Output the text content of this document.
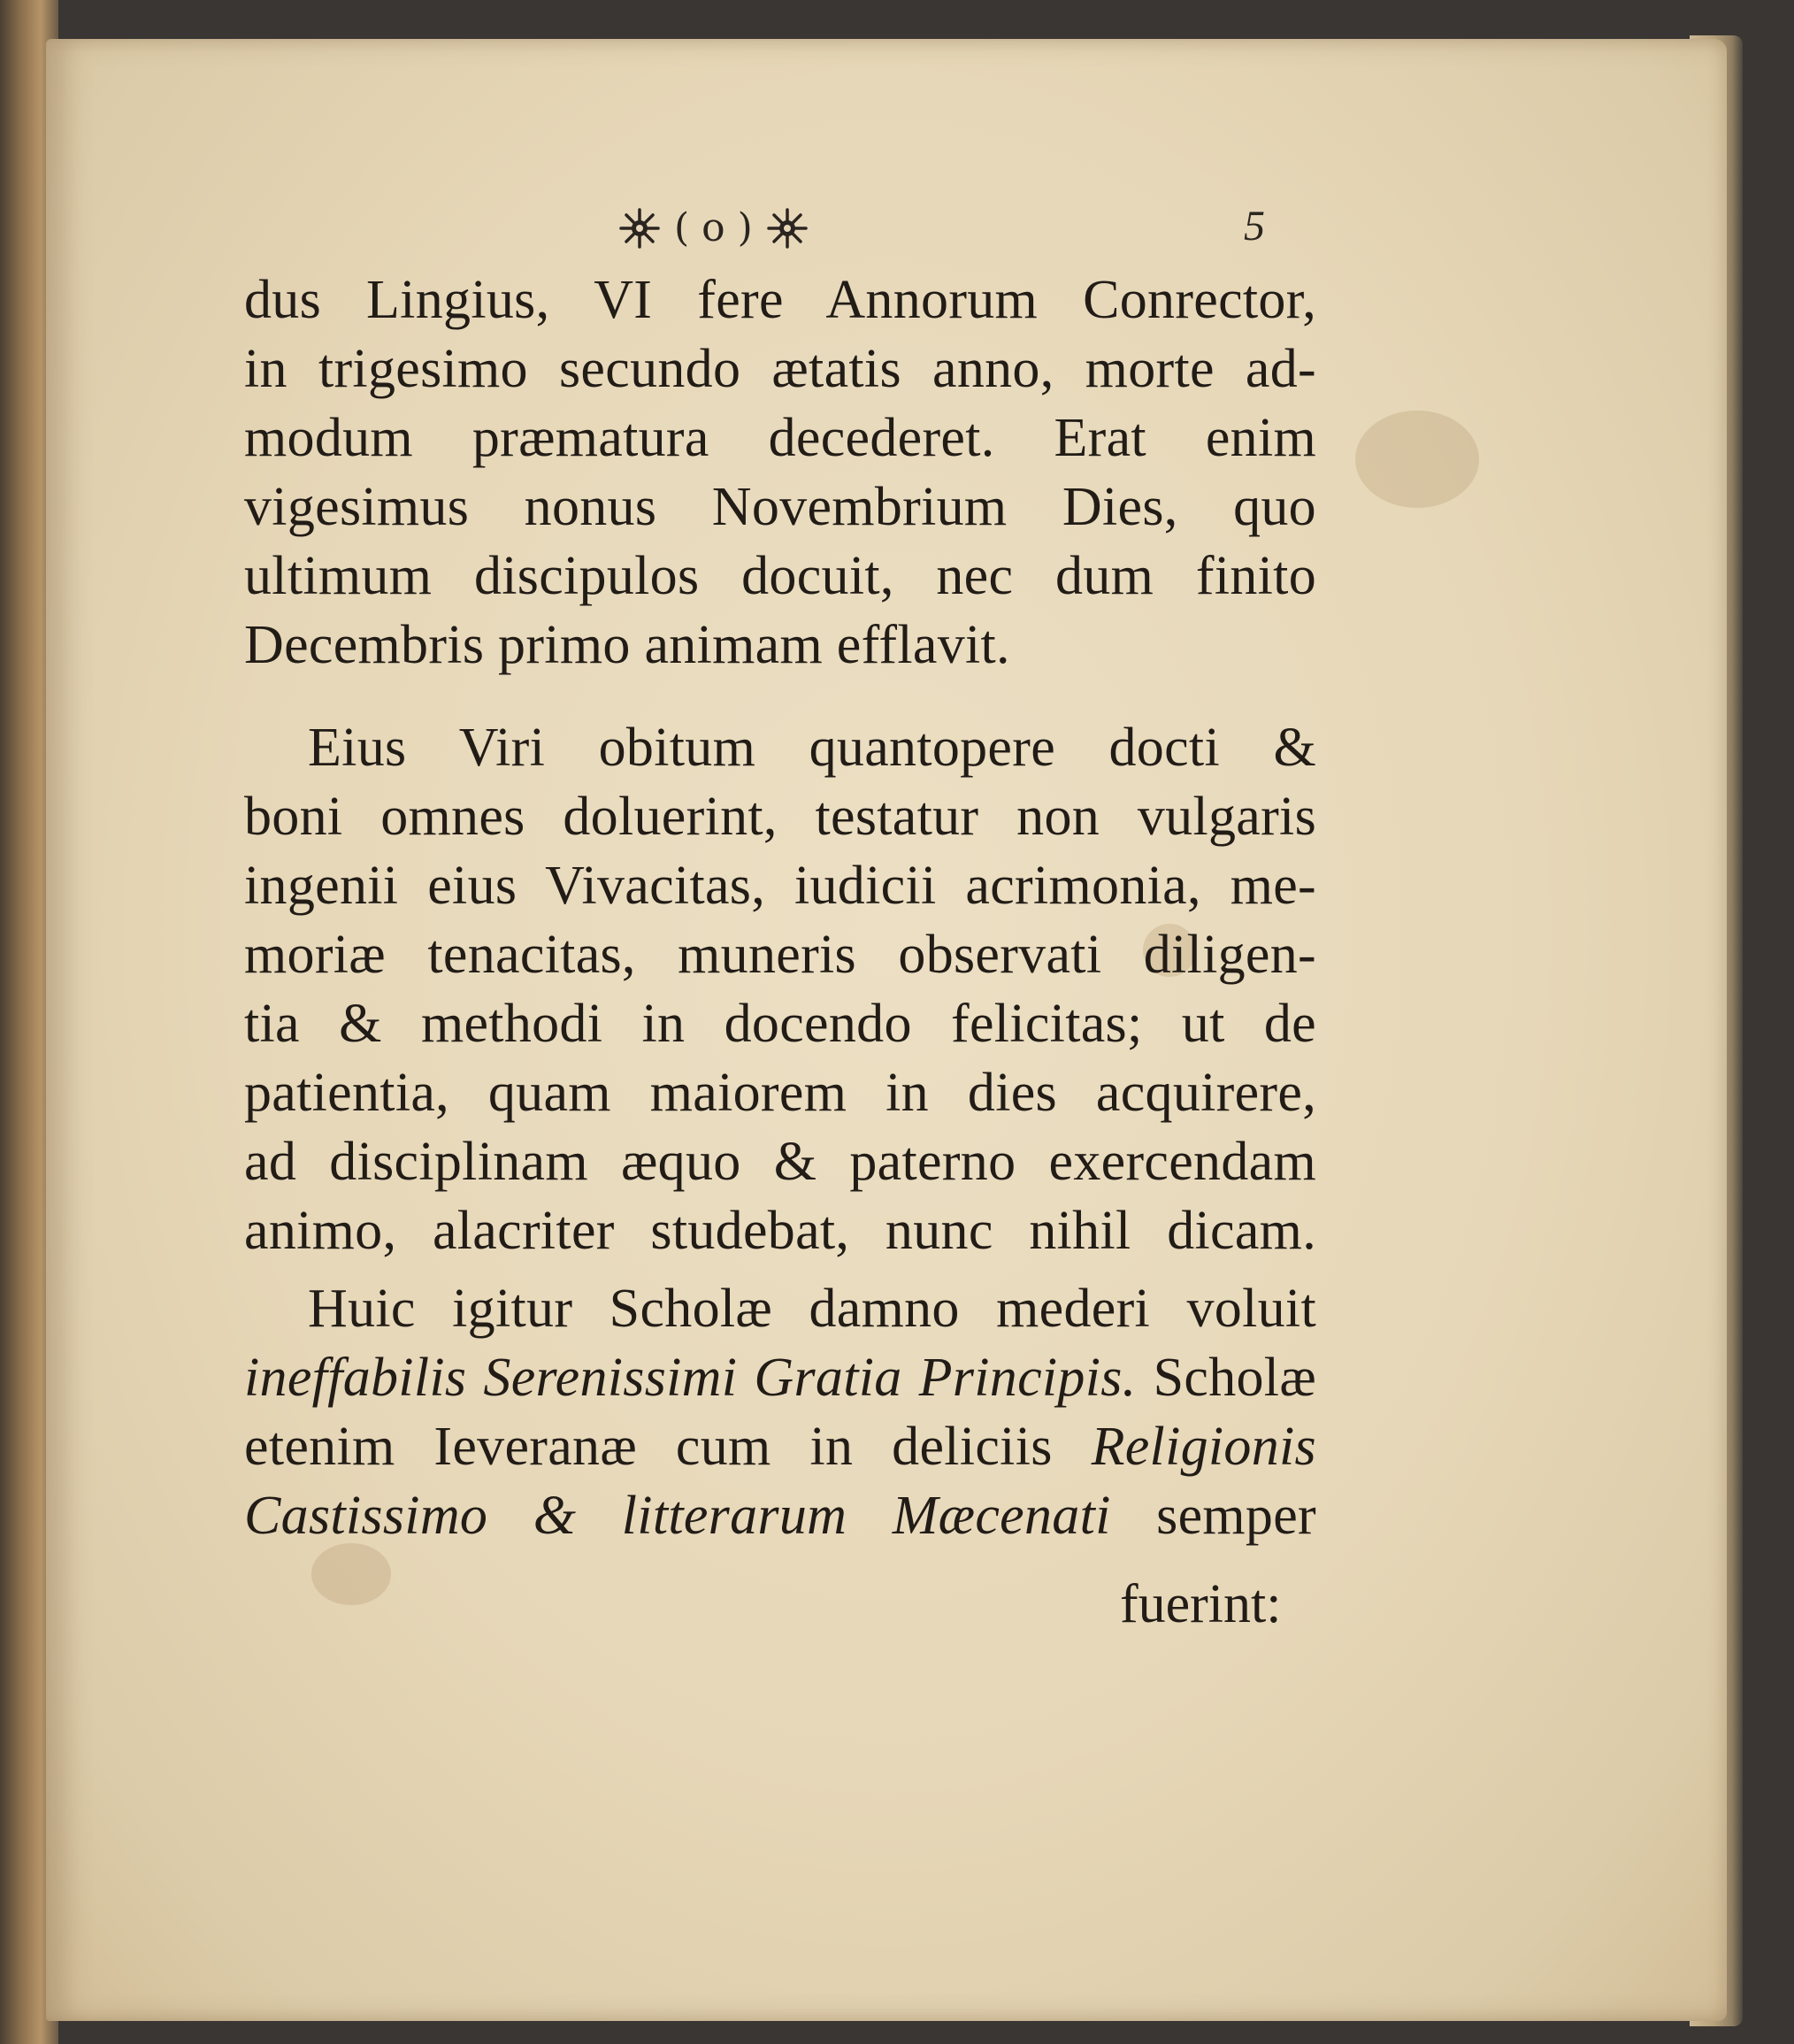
( o )	5
dus Lingius, VI fere Annorum Conrector,
in trigesimo secundo ætatis anno, morte ad-
modum præmatura decederet. Erat enim
vigesimus nonus Novembrium Dies, quo
ultimum discipulos docuit, nec dum finito
Decembris primo animam efflavit.
Eius Viri obitum quantopere docti &
boni omnes doluerint, testatur non vulgaris
ingenii eius Vivacitas, iudicii acrimonia, me-
moriæ tenacitas, muneris observati diligen-
tia & methodi in docendo felicitas; ut de
patientia, quam maiorem in dies acquirere,
ad disciplinam æquo & paterno exercendam
animo, alacriter studebat, nunc nihil dicam.
Huic igitur Scholæ damno mederi voluit
ineffabilis Serenissimi Gratia Principis. Scholæ
etenim Ieveranæ cum in deliciis Religionis
Castissimo & litterarum Mæcenati semper
fuerint:
